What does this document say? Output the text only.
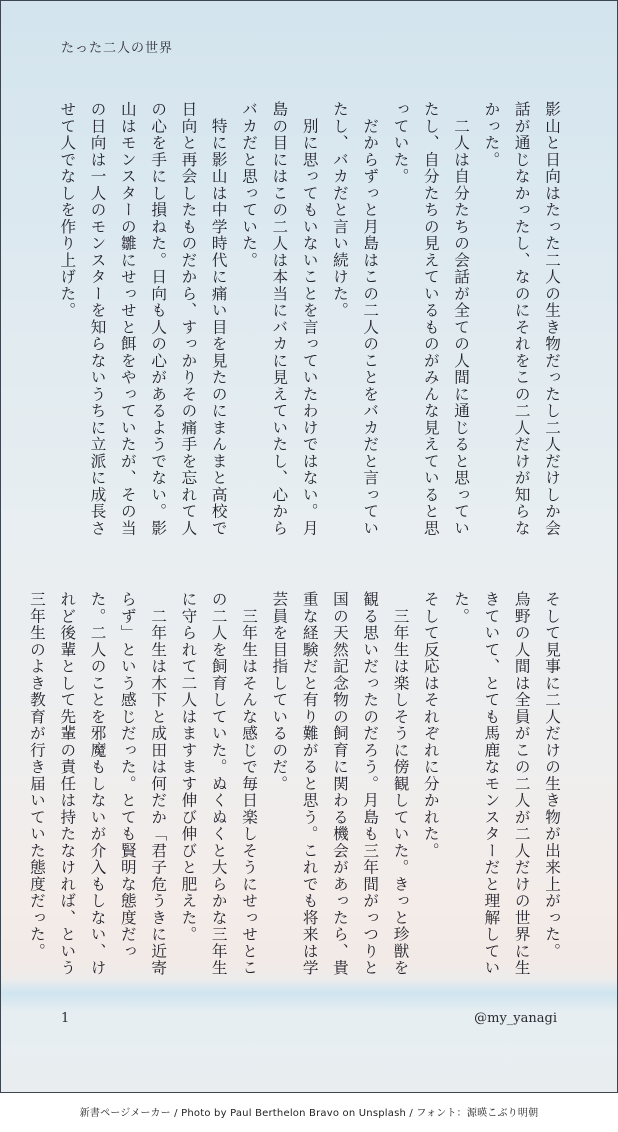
たった二人の世界
影山と日向はたった二人の生き物だったし二人だけしか会話が通じなかったし、なのにそれをこの二人だけが知らなかった。
　二人は自分たちの会話が全ての人間に通じると思っていたし、自分たちの見えているものがみんな見えていると思っていた。
　だからずっと月島はこの二人のことをバカだと言っていたし、バカだと言い続けた。
　別に思ってもいないことを言っていたわけではない。月島の目にはこの二人は本当にバカに見えていたし、心からバカだと思っていた。
　特に影山は中学時代に痛い目を見たのにまんまと高校で日向と再会したものだから、すっかりその痛手を忘れて人の心を手にし損ねた。日向も人の心があるようでない。影山はモンスターの雛にせっせと餌をやっていたが、その当の日向は一人のモンスターを知らないうちに立派に成長させて人でなしを作り上げた。
そして見事に二人だけの生き物が出来上がった。
烏野の人間は全員がこの二人が二人だけの世界に生きていて、とても馬鹿なモンスターだと理解していた。
そして反応はそれぞれに分かれた。
　三年生は楽しそうに傍観していた。きっと珍獣を観る思いだったのだろう。月島も三年間がっつりと国の天然記念物の飼育に関わる機会があったら、貴重な経験だと有り難がると思う。これでも将来は学芸員を目指しているのだ。
　三年生はそんな感じで毎日楽しそうにせっせとこの二人を飼育していた。ぬくぬくと大らかな三年生に守られて二人はますます伸び伸びと肥えた。
　二年生は木下と成田は何だか「君子危うきに近寄らず」という感じだった。とても賢明な態度だった。二人のことを邪魔もしないが介入もしない、けれど後輩として先輩の責任は持たなければ、という三年生のよき教育が行き届いていた態度だった。
1	@my_yanagi
新書ページメーカー / Photo by Paul Berthelon Bravo on Unsplash / フォント：源暎こぶり明朝
